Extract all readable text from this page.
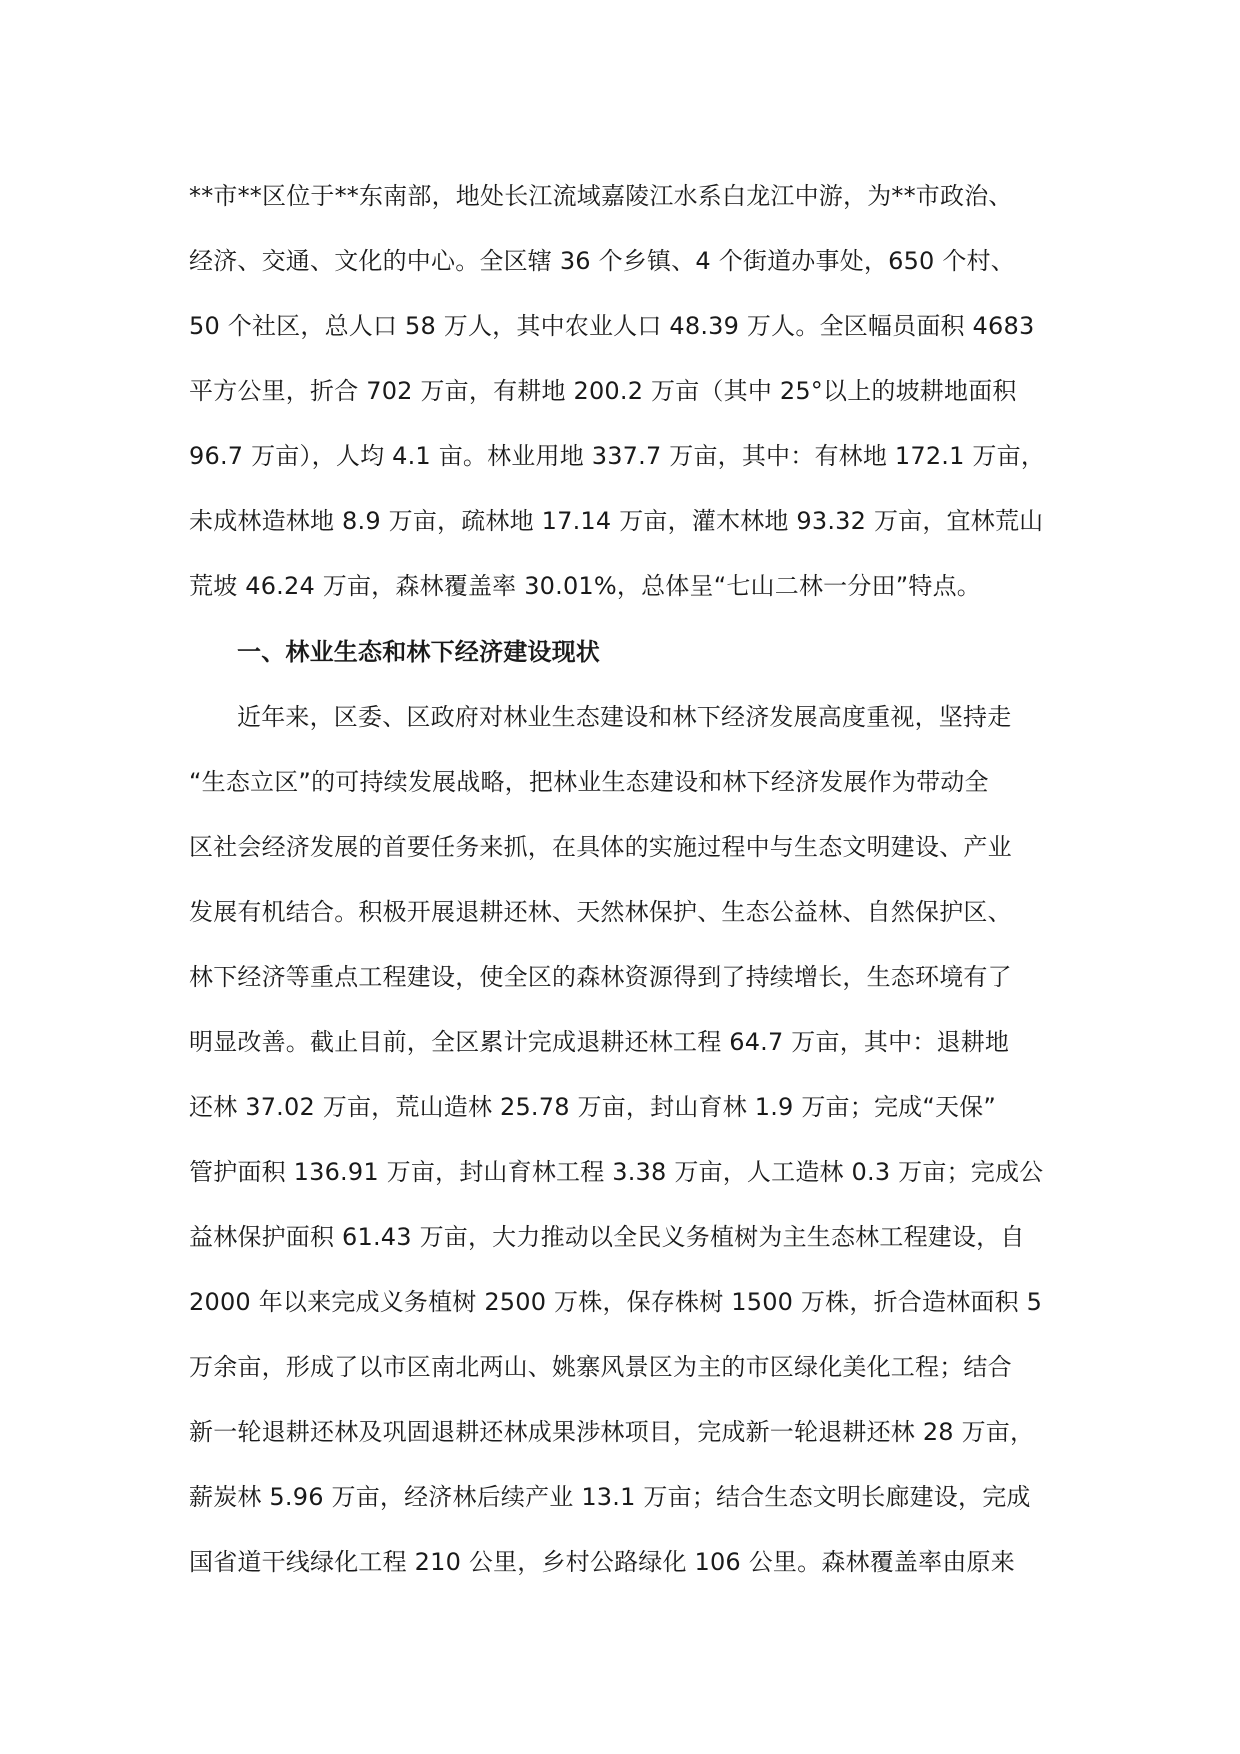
**市**区位于**东南部，地处长江流域嘉陵江水系白龙江中游，为**市政治、
经济、交通、文化的中心。全区辖 36 个乡镇、4 个街道办事处，650 个村、
50 个社区，总人口 58 万人，其中农业人口 48.39 万人。全区幅员面积 4683
平方公里，折合 702 万亩，有耕地 200.2 万亩（其中 25°以上的坡耕地面积
96.7 万亩），人均 4.1 亩。林业用地 337.7 万亩，其中：有林地 172.1 万亩，
未成林造林地 8.9 万亩，疏林地 17.14 万亩，灌木林地 93.32 万亩，宜林荒山
荒坡 46.24 万亩，森林覆盖率 30.01%，总体呈“七山二林一分田”特点。
一、林业生态和林下经济建设现状
近年来，区委、区政府对林业生态建设和林下经济发展高度重视，坚持走
“生态立区”的可持续发展战略，把林业生态建设和林下经济发展作为带动全
区社会经济发展的首要任务来抓，在具体的实施过程中与生态文明建设、产业
发展有机结合。积极开展退耕还林、天然林保护、生态公益林、自然保护区、
林下经济等重点工程建设，使全区的森林资源得到了持续增长，生态环境有了
明显改善。截止目前，全区累计完成退耕还林工程 64.7 万亩，其中：退耕地
还林 37.02 万亩，荒山造林 25.78 万亩，封山育林 1.9 万亩；完成“天保”
管护面积 136.91 万亩，封山育林工程 3.38 万亩，人工造林 0.3 万亩；完成公
益林保护面积 61.43 万亩，大力推动以全民义务植树为主生态林工程建设，自
2000 年以来完成义务植树 2500 万株，保存株树 1500 万株，折合造林面积 5
万余亩，形成了以市区南北两山、姚寨风景区为主的市区绿化美化工程；结合
新一轮退耕还林及巩固退耕还林成果涉林项目，完成新一轮退耕还林 28 万亩，
薪炭林 5.96 万亩，经济林后续产业 13.1 万亩；结合生态文明长廊建设，完成
国省道干线绿化工程 210 公里，乡村公路绿化 106 公里。森林覆盖率由原来
